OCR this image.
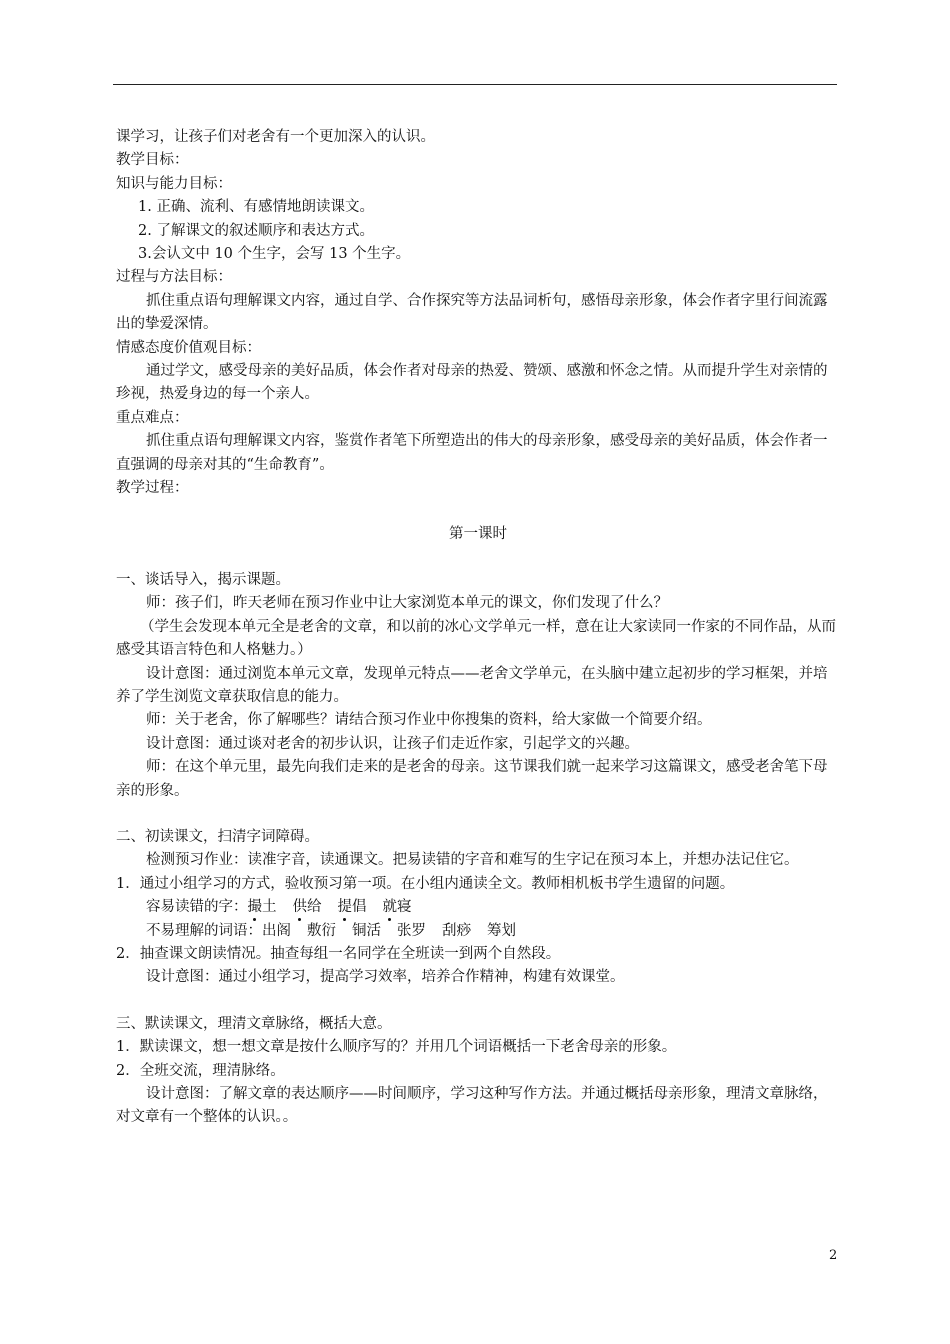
课学习，让孩子们对老舍有一个更加深入的认识。
教学目标：
知识与能力目标：
1. 正确、流利、有感情地朗读课文。
2. 了解课文的叙述顺序和表达方式。
3.会认文中 10 个生字，会写 13 个生字。
过程与方法目标：
抓住重点语句理解课文内容，通过自学、合作探究等方法品词析句，感悟母亲形象，体会作者字里行间流露出的挚爱深情。
情感态度价值观目标：
通过学文，感受母亲的美好品质，体会作者对母亲的热爱、赞颂、感激和怀念之情。从而提升学生对亲情的珍视，热爱身边的每一个亲人。
重点难点：
抓住重点语句理解课文内容，鉴赏作者笔下所塑造出的伟大的母亲形象，感受母亲的美好品质，体会作者一直强调的母亲对其的“生命教育”。
教学过程：
第一课时
一、谈话导入，揭示课题。
师：孩子们，昨天老师在预习作业中让大家浏览本单元的课文，你们发现了什么？
（学生会发现本单元全是老舍的文章，和以前的冰心文学单元一样，意在让大家读同一作家的不同作品，从而感受其语言特色和人格魅力。）
设计意图：通过浏览本单元文章，发现单元特点——老舍文学单元，在头脑中建立起初步的学习框架，并培养了学生浏览文章获取信息的能力。
师：关于老舍，你了解哪些？请结合预习作业中你搜集的资料，给大家做一个简要介绍。
设计意图：通过谈对老舍的初步认识，让孩子们走近作家，引起学文的兴趣。
师：在这个单元里，最先向我们走来的是老舍的母亲。这节课我们就一起来学习这篇课文，感受老舍笔下母亲的形象。
二、初读课文，扫清字词障碍。
检测预习作业：读准字音，读通课文。把易读错的字音和难写的生字记在预习本上，并想办法记住它。
1．通过小组学习的方式，验收预习第一项。在小组内通读全文。教师相机板书学生遗留的问题。
容易读错的字：撮
土 供
给 提
倡 就
寝
不易理解的词语：出阁 敷衍 铜活 张罗 刮痧 筹划
2．抽查课文朗读情况。抽查每组一名同学在全班读一到两个自然段。
设计意图：通过小组学习，提高学习效率，培养合作精神，构建有效课堂。
三、默读课文，理清文章脉络，概括大意。
1．默读课文，想一想文章是按什么顺序写的？并用几个词语概括一下老舍母亲的形象。
2．全班交流，理清脉络。
设计意图：了解文章的表达顺序——时间顺序，学习这种写作方法。并通过概括母亲形象，理清文章脉络，对文章有一个整体的认识。。
2
